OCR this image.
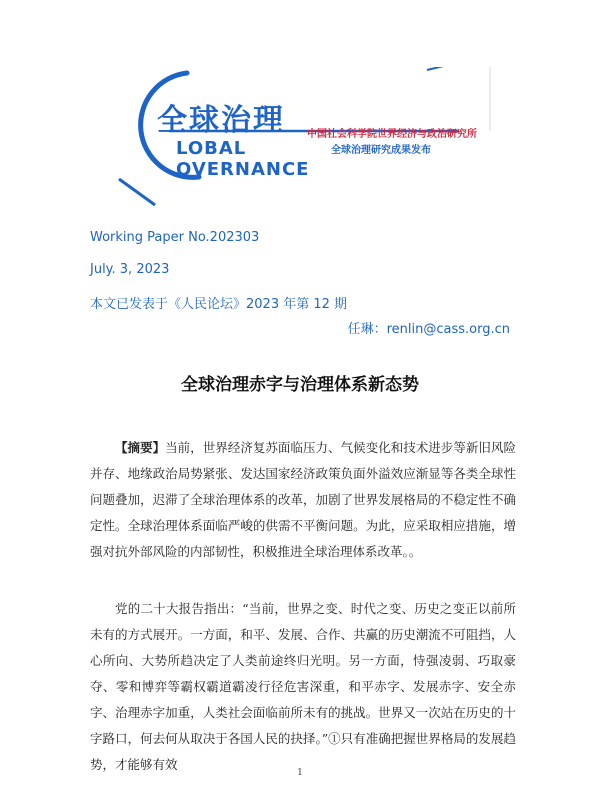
全球治理
LOBAL
OVERNANCE
中国社会科学院世界经济与政治研究所
全球治理研究成果发布
Working Paper No.202303
July. 3, 2023
本文已发表于《人民论坛》2023 年第 12 期
任琳：renlin@cass.org.cn
全球治理赤字与治理体系新态势
【摘要】当前，世界经济复苏面临压力、气候变化和技术进步等新旧风险并存、地缘政治局势紧张、发达国家经济政策负面外溢效应渐显等各类全球性问题叠加，迟滞了全球治理体系的改革，加剧了世界发展格局的不稳定性不确定性。全球治理体系面临严峻的供需不平衡问题。为此，应采取相应措施，增强对抗外部风险的内部韧性，积极推进全球治理体系改革。。
党的二十大报告指出：“当前，世界之变、时代之变、历史之变正以前所未有的方式展开。一方面，和平、发展、合作、共赢的历史潮流不可阻挡，人心所向、大势所趋决定了人类前途终归光明。另一方面，恃强凌弱、巧取豪夺、零和博弈等霸权霸道霸凌行径危害深重，和平赤字、发展赤字、安全赤字、治理赤字加重，人类社会面临前所未有的挑战。世界又一次站在历史的十字路口，何去何从取决于各国人民的抉择。”①只有准确把握世界格局的发展趋势，才能够有效
1
